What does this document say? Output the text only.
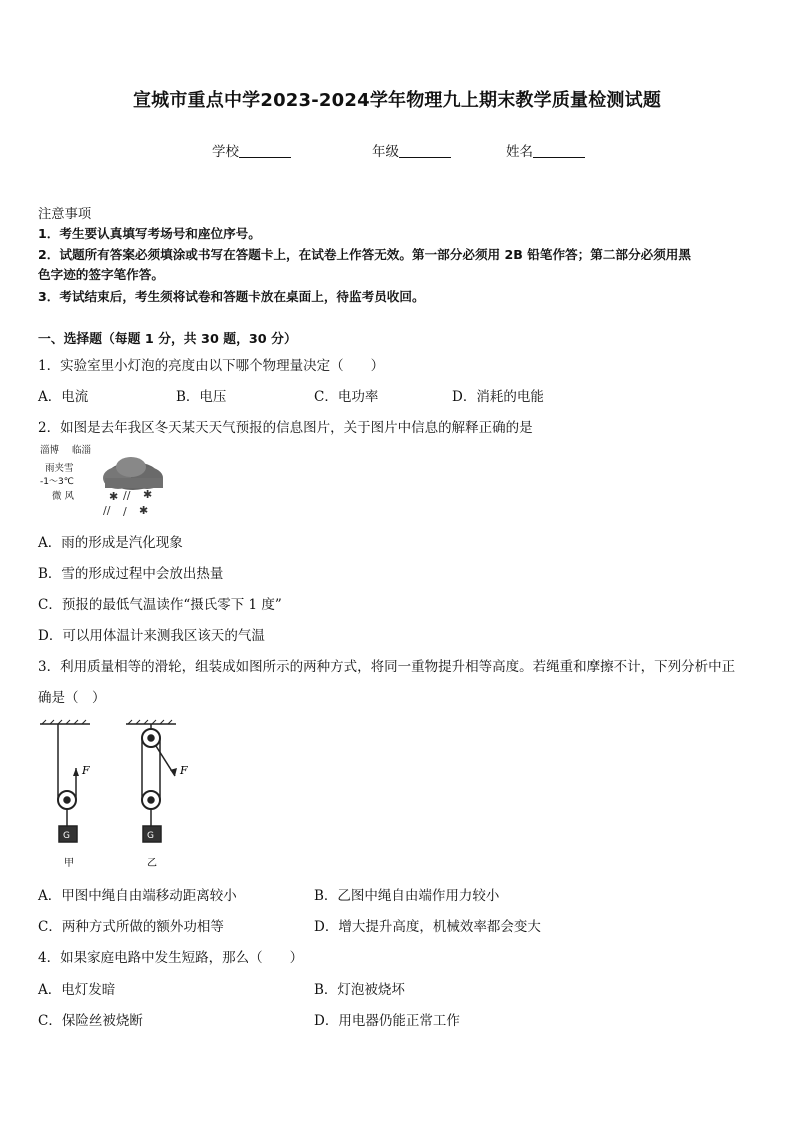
宣城市重点中学2023-2024学年物理九上期末教学质量检测试题
学校	年级	姓名
注意事项
1．考生要认真填写考场号和座位序号。
2．试题所有答案必须填涂或书写在答题卡上，在试卷上作答无效。第一部分必须用 2B 铅笔作答；第二部分必须用黑
色字迹的签字笔作答。
3．考试结束后，考生须将试卷和答题卡放在桌面上，待监考员收回。
一、选择题（每题 1 分，共 30 题，30 分）
1．实验室里小灯泡的亮度由以下哪个物理量决定（　　）
A．电流	B．电压	C．电功率	D．消耗的电能
2．如图是去年我区冬天某天天气预报的信息图片，关于图片中信息的解释正确的是
淄博 临淄
雨夹雪
-1～3℃
微 风	✱ ∕∕ ✱
∕∕ ∕ ✱
A．雨的形成是汽化现象
B．雪的形成过程中会放出热量
C．预报的最低气温读作“摄氏零下 1 度”
D．可以用体温计来测我区该天的气温
3．利用质量相等的滑轮，组装成如图所示的两种方式，将同一重物提升相等高度。若绳重和摩擦不计，下列分析中正
确是（　）
F
G
甲
F
G
乙
A．甲图中绳自由端移动距离较小	B．乙图中绳自由端作用力较小
C．两种方式所做的额外功相等	D．增大提升高度，机械效率都会变大
4．如果家庭电路中发生短路，那么（　　）
A．电灯发暗	B．灯泡被烧坏
C．保险丝被烧断	D．用电器仍能正常工作
